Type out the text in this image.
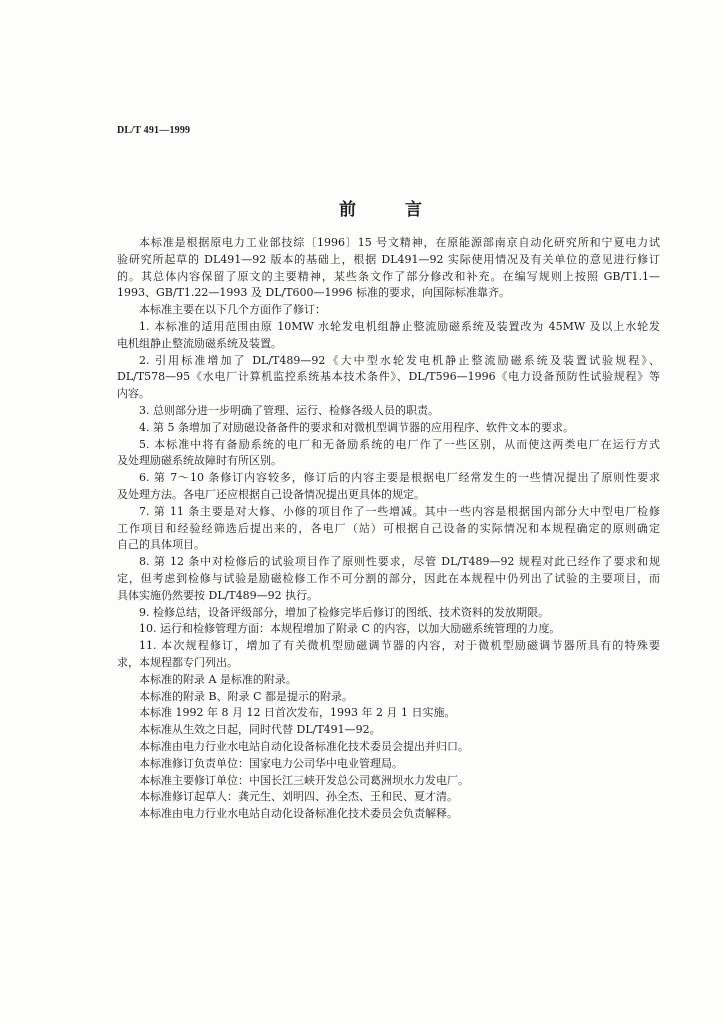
DL/T 491—1999
前言
本标准是根据原电力工业部技综〔1996〕15 号文精神，在原能源部南京自动化研究所和宁夏电力试
验研究所起草的 DL491—92 版本的基础上，根据 DL491—92 实际使用情况及有关单位的意见进行修订
的。其总体内容保留了原文的主要精神，某些条文作了部分修改和补充。在编写规则上按照 GB/T1.1—
1993、GB/T1.22—1993 及 DL/T600—1996 标准的要求，向国际标准靠齐。
本标准主要在以下几个方面作了修订：
1. 本标准的适用范围由原 10MW 水轮发电机组静止整流励磁系统及装置改为 45MW 及以上水轮发
电机组静止整流励磁系统及装置。
2. 引用标准增加了 DL/T489—92《大中型水轮发电机静止整流励磁系统及装置试验规程》、
DL/T578—95《水电厂计算机监控系统基本技术条件》、DL/T596—1996《电力设备预防性试验规程》等
内容。
3. 总则部分进一步明确了管理、运行、检修各级人员的职责。
4. 第 5 条增加了对励磁设备备件的要求和对微机型调节器的应用程序、软件文本的要求。
5. 本标准中将有备励系统的电厂和无备励系统的电厂作了一些区别，从而使这两类电厂在运行方式
及处理励磁系统故障时有所区别。
6. 第 7～10 条修订内容较多，修订后的内容主要是根据电厂经常发生的一些情况提出了原则性要求
及处理方法。各电厂还应根据自己设备情况提出更具体的规定。
7. 第 11 条主要是对大修、小修的项目作了一些增减。其中一些内容是根据国内部分大中型电厂检修
工作项目和经验经筛选后提出来的，各电厂（站）可根据自己设备的实际情况和本规程确定的原则确定
自己的具体项目。
8. 第 12 条中对检修后的试验项目作了原则性要求，尽管 DL/T489—92 规程对此已经作了要求和规
定，但考虑到检修与试验是励磁检修工作不可分割的部分，因此在本规程中仍列出了试验的主要项目，而
具体实施仍然要按 DL/T489—92 执行。
9. 检修总结，设备评级部分，增加了检修完毕后修订的图纸、技术资料的发放期限。
10. 运行和检修管理方面：本规程增加了附录 C 的内容，以加大励磁系统管理的力度。
11. 本次规程修订，增加了有关微机型励磁调节器的内容，对于微机型励磁调节器所具有的特殊要
求，本规程都专门列出。
本标准的附录 A 是标准的附录。
本标准的附录 B、附录 C 都是提示的附录。
本标准 1992 年 8 月 12 日首次发布，1993 年 2 月 1 日实施。
本标准从生效之日起，同时代替 DL/T491—92。
本标准由电力行业水电站自动化设备标准化技术委员会提出并归口。
本标准修订负责单位：国家电力公司华中电业管理局。
本标准主要修订单位：中国长江三峡开发总公司葛洲坝水力发电厂。
本标准修订起草人：龚元生、刘明四、孙全杰、王和民、夏才清。
本标准由电力行业水电站自动化设备标准化技术委员会负责解释。
